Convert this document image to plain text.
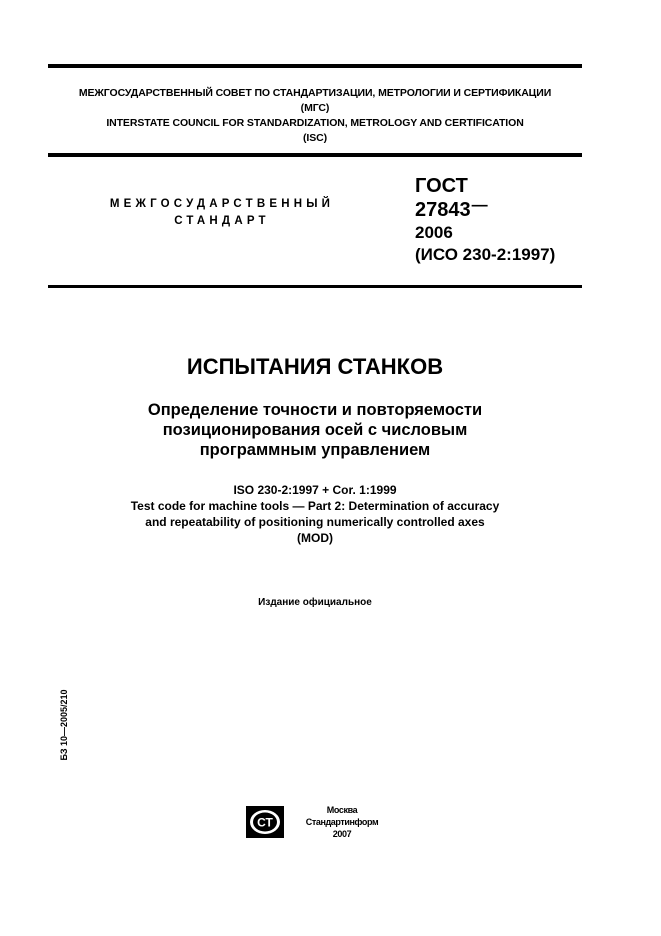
МЕЖГОСУДАРСТВЕННЫЙ СОВЕТ ПО СТАНДАРТИЗАЦИИ, МЕТРОЛОГИИ И СЕРТИФИКАЦИИ
(МГС)
INTERSTATE COUNCIL FOR STANDARDIZATION, METROLOGY AND CERTIFICATION
(ISC)
МЕЖГОСУДАРСТВЕННЫЙ
СТАНДАРТ
ГОСТ
27843—
2006
(ИСО 230-2:1997)
ИСПЫТАНИЯ СТАНКОВ
Определение точности и повторяемости
позиционирования осей с числовым
программным управлением
ISO 230-2:1997 + Cor. 1:1999
Test code for machine tools — Part 2: Determination of accuracy
and repeatability of positioning numerically controlled axes
(MOD)
Издание официальное
БЗ 10—2005/210
СТ
Москва
Стандартинформ
2007
